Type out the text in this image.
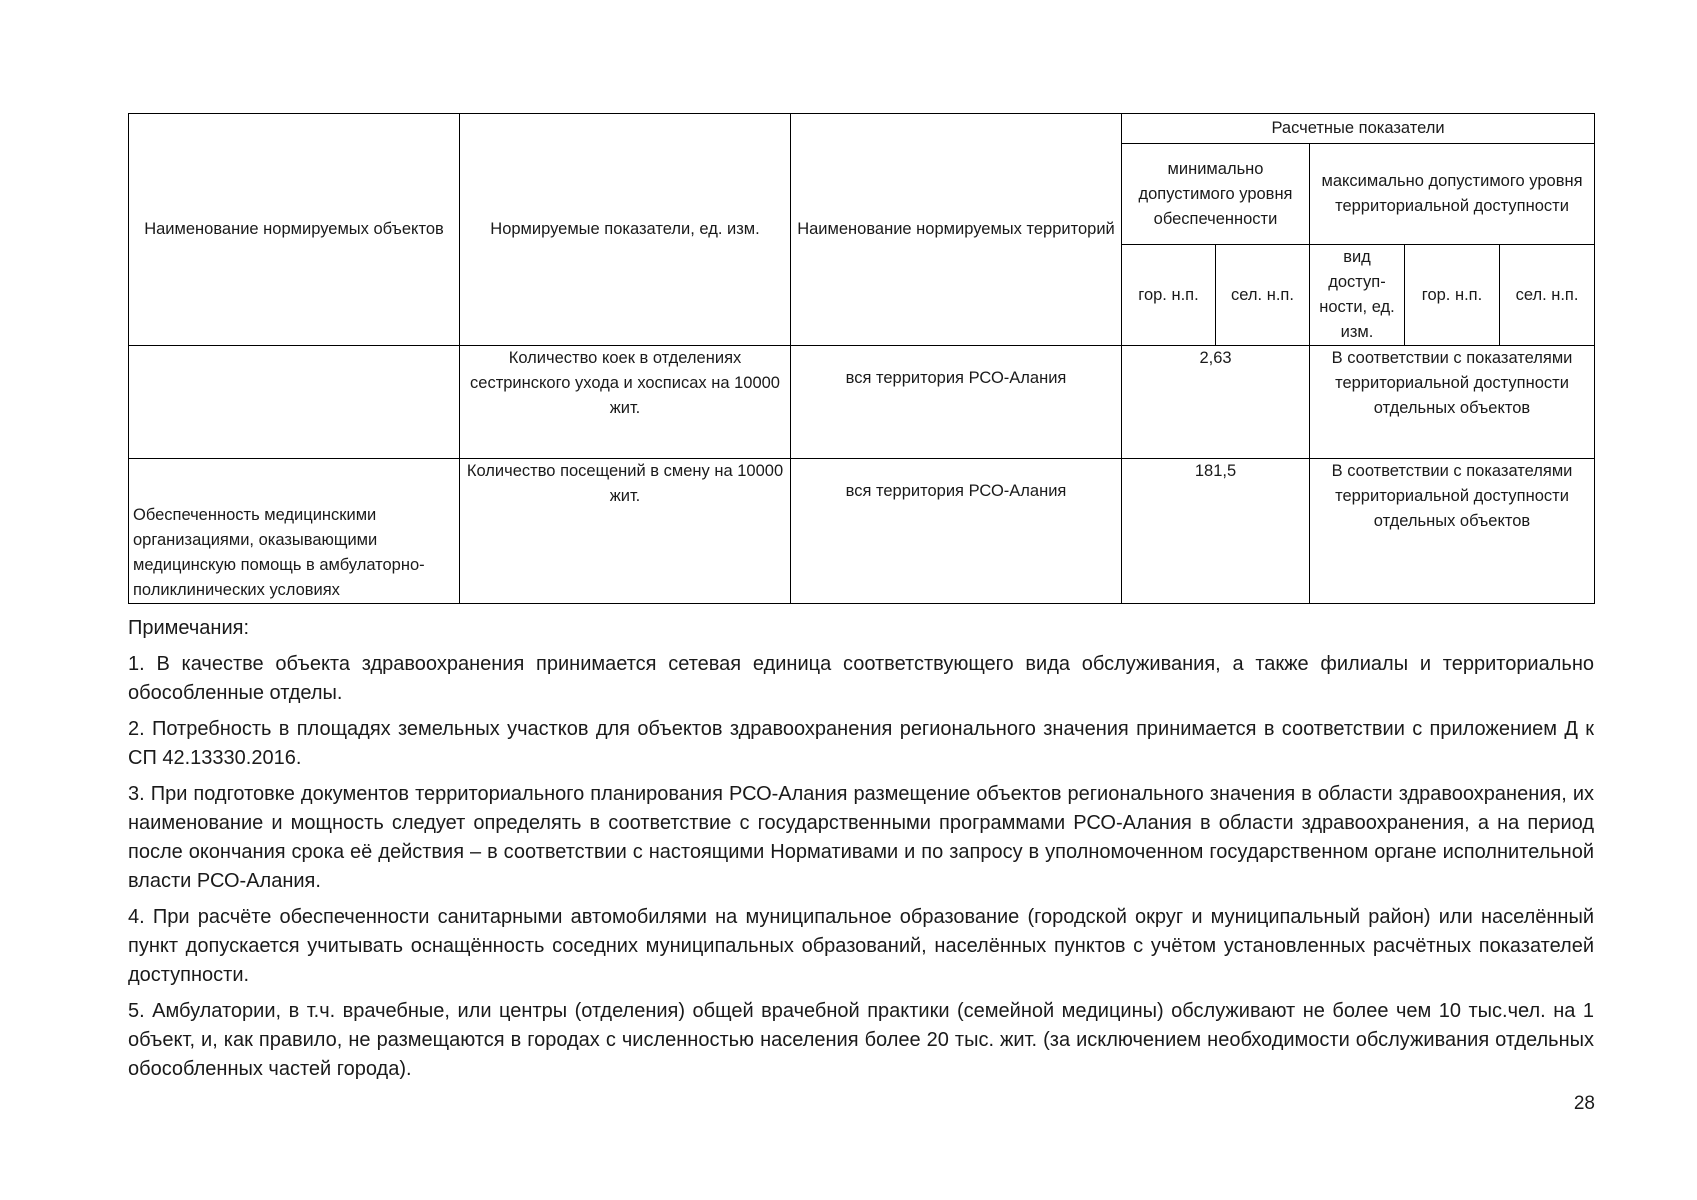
Наименование нормируемых объектов	Нормируемые показатели, ед. изм.	Наименование нормируемых территорий	Расчетные показатели				
			минимально допустимого уровня обеспеченности		максимально допустимого уровня территориальной доступности		
			гор. н.п.	сел. н.п.	вид доступ-ности, ед. изм.	гор. н.п.	сел. н.п.
	Количество коек в отделениях сестринского ухода и хосписах на 10000 жит.	вся территория РСО-Алания	2,63		В соответствии с показателями территориальной доступности отдельных объектов		
Обеспеченность медицинскими организациями, оказывающими медицинскую помощь в амбулаторно-поликлинических условиях	Количество посещений в смену на 10000 жит.	вся территория РСО-Алания	181,5		В соответствии с показателями территориальной доступности отдельных объектов		

Примечания:

1. В качестве объекта здравоохранения принимается сетевая единица соответствующего вида обслуживания, а также филиалы и территориально обособленные отделы.

2. Потребность в площадях земельных участков для объектов здравоохранения регионального значения принимается в соответствии с приложением Д к СП 42.13330.2016.

3. При подготовке документов территориального планирования РСО-Алания размещение объектов регионального значения в области здравоохранения, их наименование и мощность следует определять в соответствие с государственными программами РСО-Алания в области здравоохранения, а на период после окончания срока её действия – в соответствии с настоящими Нормативами и по запросу в уполномоченном государственном органе исполнительной власти РСО-Алания.

4. При расчёте обеспеченности санитарными автомобилями на муниципальное образование (городской округ и муниципальный район) или населённый пункт допускается учитывать оснащённость соседних муниципальных образований, населённых пунктов с учётом установленных расчётных показателей доступности.

5. Амбулатории, в т.ч. врачебные, или центры (отделения) общей врачебной практики (семейной медицины) обслуживают не более чем 10 тыс.чел. на 1 объект, и, как правило, не размещаются в городах с численностью населения более 20 тыс. жит. (за исключением необходимости обслуживания отдельных обособленных частей города).

28
